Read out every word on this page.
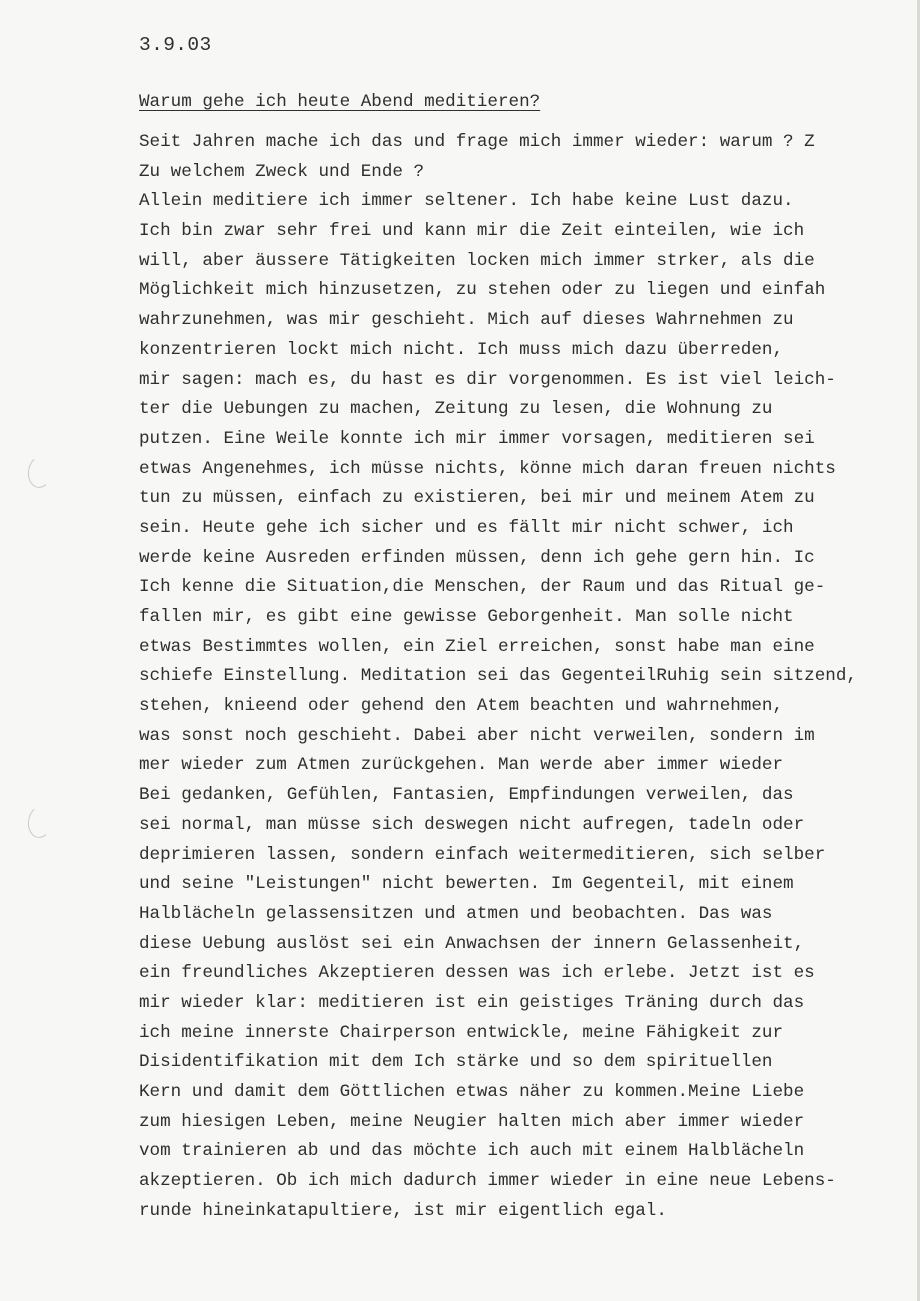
3.9.03
Warum gehe ich heute Abend meditieren?
Seit Jahren mache ich das und frage mich immer wieder: warum ? Z
Zu welchem Zweck und Ende ?
Allein meditiere ich immer seltener. Ich habe keine Lust dazu.
Ich bin zwar sehr frei und kann mir die Zeit einteilen, wie ich
will, aber äussere Tätigkeiten locken mich immer strker, als die
Möglichkeit mich hinzusetzen, zu stehen oder zu liegen und einfah
wahrzunehmen, was mir geschieht. Mich auf dieses Wahrnehmen zu
konzentrieren lockt mich nicht. Ich muss mich dazu überreden,
mir sagen: mach es, du hast es dir vorgenommen. Es ist viel leich-
ter die Uebungen zu machen, Zeitung zu lesen, die Wohnung zu
putzen. Eine Weile konnte ich mir immer vorsagen, meditieren sei
etwas Angenehmes, ich müsse nichts, könne mich daran freuen nichts
tun zu müssen, einfach zu existieren, bei mir und meinem Atem zu
sein. Heute gehe ich sicher und es fällt mir nicht schwer, ich
werde keine Ausreden erfinden müssen, denn ich gehe gern hin. Ic
Ich kenne die Situation,die Menschen, der Raum und das Ritual ge-
fallen mir, es gibt eine gewisse Geborgenheit. Man solle nicht
etwas Bestimmtes wollen, ein Ziel erreichen, sonst habe man eine
schiefe Einstellung. Meditation sei das GegenteilRuhig sein sitzend,
stehen, knieend oder gehend den Atem beachten und wahrnehmen,
was sonst noch geschieht. Dabei aber nicht verweilen, sondern im
mer wieder zum Atmen zurückgehen. Man werde aber immer wieder
Bei gedanken, Gefühlen, Fantasien, Empfindungen verweilen, das
sei normal, man müsse sich deswegen nicht aufregen, tadeln oder
deprimieren lassen, sondern einfach weitermeditieren, sich selber
und seine "Leistungen" nicht bewerten. Im Gegenteil, mit einem
Halblächeln gelassensitzen und atmen und beobachten. Das was
diese Uebung auslöst sei ein Anwachsen der innern Gelassenheit,
ein freundliches Akzeptieren dessen was ich erlebe. Jetzt ist es
mir wieder klar: meditieren ist ein geistiges Träning durch das
ich meine innerste Chairperson entwickle, meine Fähigkeit zur
Disidentifikation mit dem Ich stärke und so dem spirituellen
Kern und damit dem Göttlichen etwas näher zu kommen.Meine Liebe
zum hiesigen Leben, meine Neugier halten mich aber immer wieder
vom trainieren ab und das möchte ich auch mit einem Halblächeln
akzeptieren. Ob ich mich dadurch immer wieder in eine neue Lebens-
runde hineinkatapultiere, ist mir eigentlich egal.
